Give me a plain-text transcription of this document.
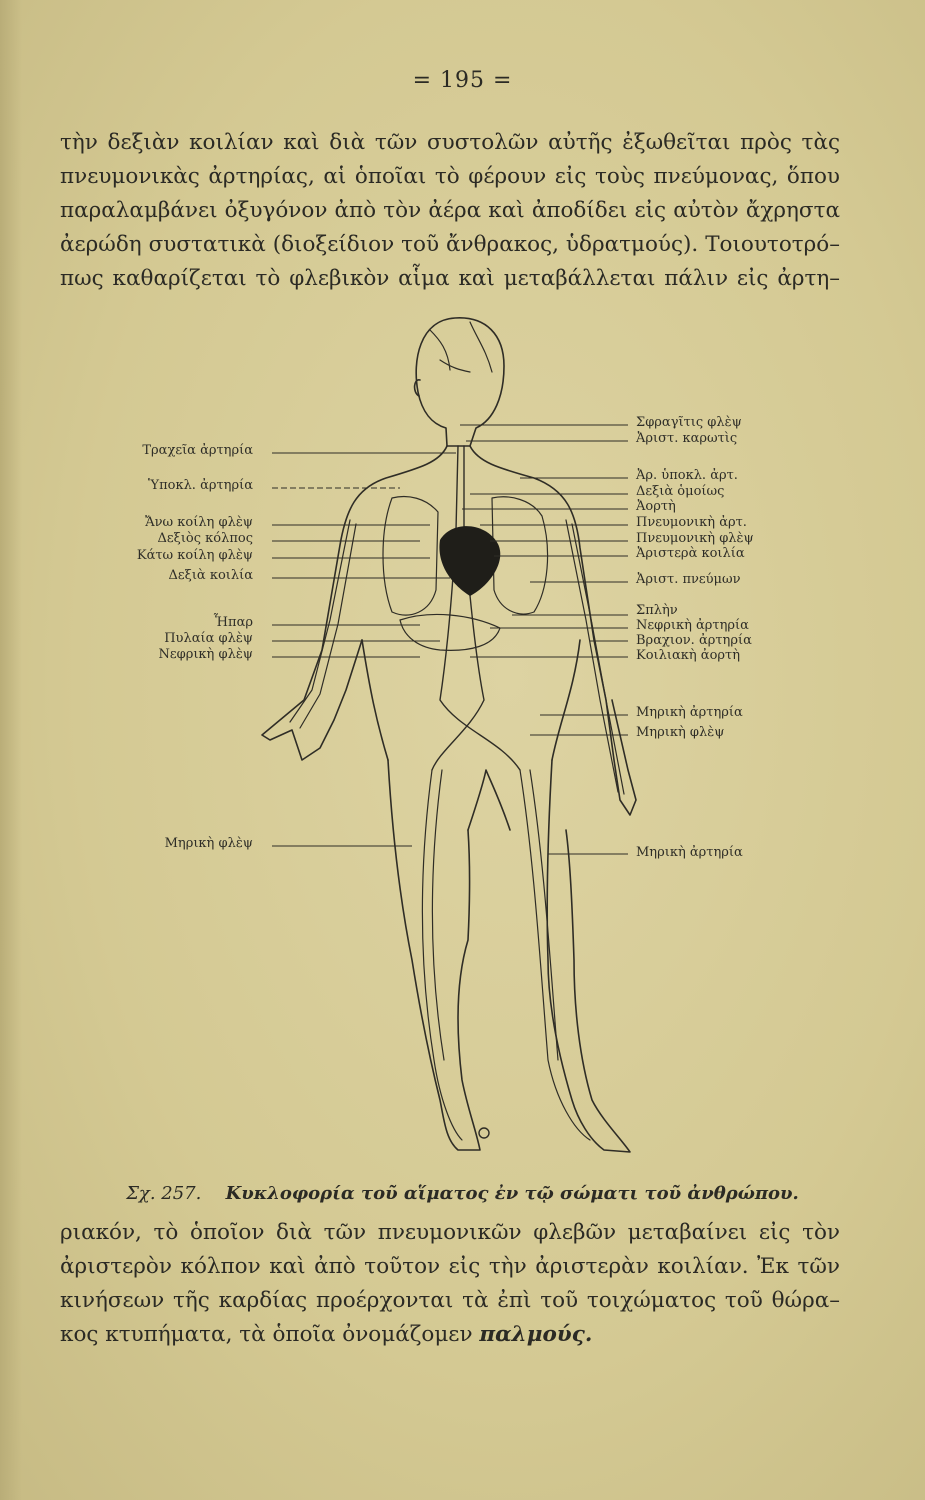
= 195 =
τὴν δεξιὰν κοιλίαν καὶ διὰ τῶν συστολῶν αὐτῆς ἐξωθεῖται πρὸς τὰς
πνευμονικὰς ἀρτηρίας, αἱ ὁποῖαι τὸ φέρουν εἰς τοὺς πνεύμονας, ὅπου
παραλαμβάνει ὀξυγόνον ἀπὸ τὸν ἀέρα καὶ ἀποδίδει εἰς αὐτὸν ἄχρηστα
ἀερώδη συστατικὰ (διοξείδιον τοῦ ἄνθρακος, ὑδρατμούς). Τοιουτοτρό–
πως καθαρίζεται τὸ φλεβικὸν αἷμα καὶ μεταβάλλεται πάλιν εἰς ἀρτη–
Τραχεῖα ἀρτηρία
Ὑποκλ. ἀρτηρία
Ἄνω κοίλη φλὲψ
Δεξιὸς κόλπος
Κάτω κοίλη φλὲψ
Δεξιὰ κοιλία
Ἧπαρ
Πυλαία φλὲψ
Νεφρικὴ φλὲψ
Μηρικὴ φλὲψ
Σφραγῖτις φλὲψ
Ἀριστ. καρωτὶς
Ἀρ. ὑποκλ. ἀρτ.
Δεξιὰ ὁμοίως
Ἀορτὴ
Πνευμονικὴ ἀρτ.
Πνευμονικὴ φλὲψ
Ἀριστερὰ κοιλία
Ἀριστ. πνεύμων
Σπλὴν
Νεφρικὴ ἀρτηρία
Βραχιον. ἀρτηρία
Κοιλιακὴ ἀορτὴ
Μηρικὴ ἀρτηρία
Μηρικὴ φλὲψ
Μηρικὴ ἀρτηρία
Σχ. 257. Κυκλοφορία τοῦ αἵματος ἐν τῷ σώματι τοῦ ἀνθρώπου.
ριακόν, τὸ ὁποῖον διὰ τῶν πνευμονικῶν φλεβῶν μεταβαίνει εἰς τὸν
ἀριστερὸν κόλπον καὶ ἀπὸ τοῦτον εἰς τὴν ἀριστερὰν κοιλίαν. Ἐκ τῶν
κινήσεων τῆς καρδίας προέρχονται τὰ ἐπὶ τοῦ τοιχώματος τοῦ θώρα–
κος κτυπήματα, τὰ ὁποῖα ὀνομάζομεν παλμούς.
